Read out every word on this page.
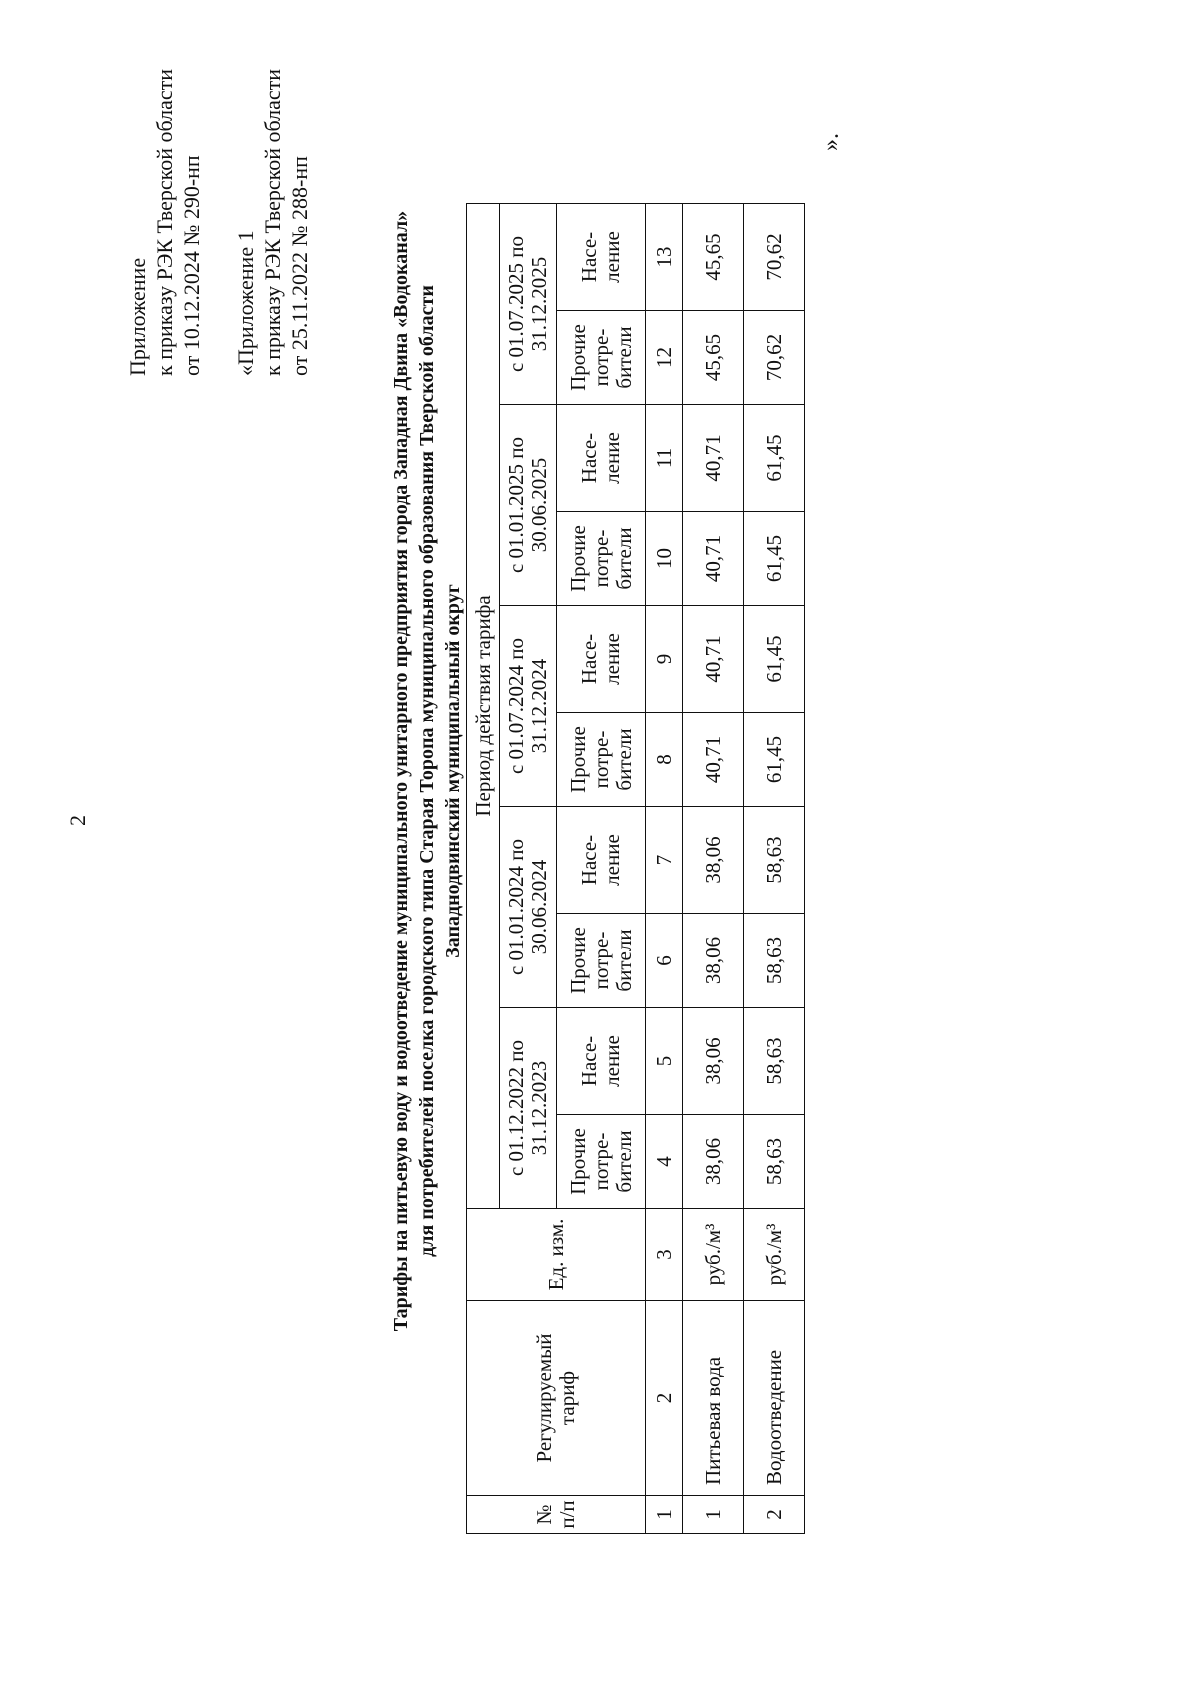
2
Приложение к приказу РЭК Тверской области от 10.12.2024 № 290-нп «Приложение 1 к приказу РЭК Тверской области от 25.11.2022 № 288-нп	Тарифы на питьевую воду и водоотведение муниципального унитарного предприятия города Западная Двина «Водоканал» для потребителей поселка городского типа Старая Торопа муниципального образования Тверской области Западнодвинский муниципальный округ
№ п/п	Регулируемый тариф	Ед. изм.	Период действия тарифа									
			с 01.12.2022 по 31.12.2023		с 01.01.2024 по 30.06.2024		с 01.07.2024 по 31.12.2024		с 01.01.2025 по 30.06.2025		с 01.07.2025 по 31.12.2025	
			Прочие потре-бители	Насе-ление	Прочие потре-бители	Насе-ление	Прочие потре-бители	Насе-ление	Прочие потре-бители	Насе-ление	Прочие потре-бители	Насе-ление
1	2	3	4	5	6	7	8	9	10	11	12	13
1	Питьевая вода	руб./м³	38,06	38,06	38,06	38,06	40,71	40,71	40,71	40,71	45,65	45,65
2	Водоотведение	руб./м³	58,63	58,63	58,63	58,63	61,45	61,45	61,45	61,45	70,62	70,62
».
